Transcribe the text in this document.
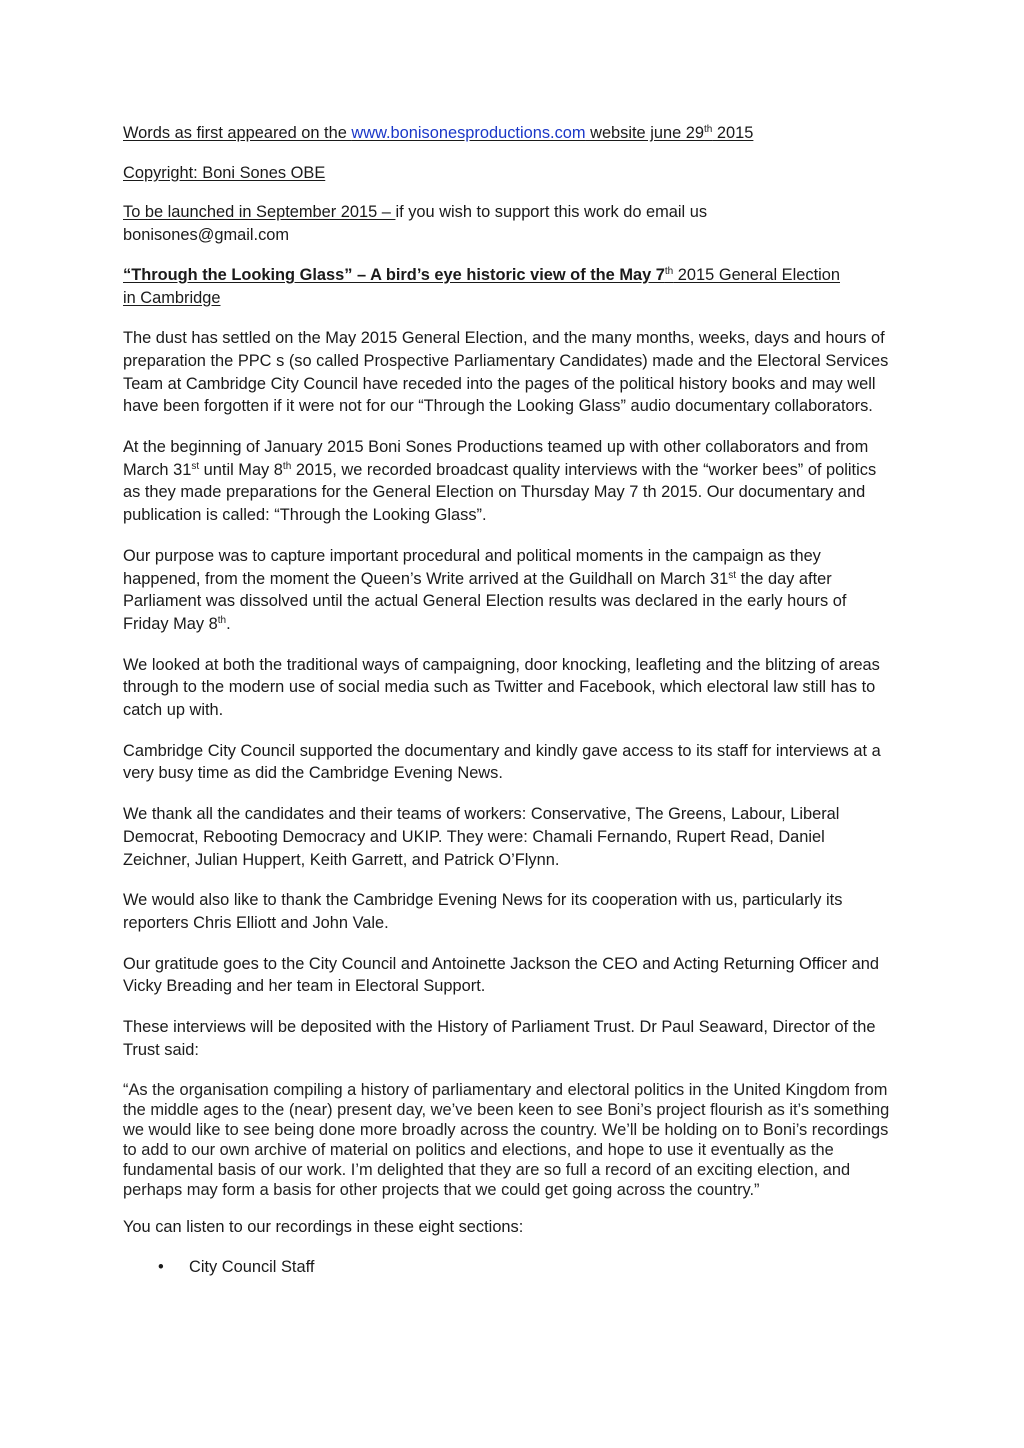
Words as first appeared on the www.bonisonesproductions.com website june 29th 2015

Copyright: Boni Sones OBE

To be launched in September 2015 – if you wish to support this work do email us
bonisones@gmail.com

“Through the Looking Glass” – A bird’s eye historic view of the May 7th 2015 General Election
in Cambridge

The dust has settled on the May 2015 General Election, and the many months, weeks, days and hours of preparation the PPC s (so called Prospective Parliamentary Candidates) made and the Electoral Services Team at Cambridge City Council have receded into the pages of the political history books and may well have been forgotten if it were not for our “Through the Looking Glass” audio documentary collaborators.

At the beginning of January 2015 Boni Sones Productions teamed up with other collaborators and from March 31st until May 8th 2015, we recorded broadcast quality interviews with the “worker bees” of politics as they made preparations for the General Election on Thursday May 7 th 2015. Our documentary and publication is called: “Through the Looking Glass”.

Our purpose was to capture important procedural and political moments in the campaign as they happened, from the moment the Queen’s Write arrived at the Guildhall on March 31st the day after Parliament was dissolved until the actual General Election results was declared in the early hours of Friday May 8th.

We looked at both the traditional ways of campaigning, door knocking, leafleting and the blitzing of areas through to the modern use of social media such as Twitter and Facebook, which electoral law still has to catch up with.

Cambridge City Council supported the documentary and kindly gave access to its staff for interviews at a very busy time as did the Cambridge Evening News.

We thank all the candidates and their teams of workers: Conservative, The Greens, Labour, Liberal Democrat, Rebooting Democracy and UKIP. They were: Chamali Fernando, Rupert Read, Daniel Zeichner, Julian Huppert, Keith Garrett, and Patrick O’Flynn.

We would also like to thank the Cambridge Evening News for its cooperation with us, particularly its reporters Chris Elliott and John Vale.

Our gratitude goes to the City Council and Antoinette Jackson the CEO and Acting Returning Officer and Vicky Breading and her team in Electoral Support.

These interviews will be deposited with the History of Parliament Trust. Dr Paul Seaward, Director of the Trust said:

“As the organisation compiling a history of parliamentary and electoral politics in the United Kingdom from the middle ages to the (near) present day, we’ve been keen to see Boni’s project flourish as it’s something we would like to see being done more broadly across the country. We’ll be holding on to Boni’s recordings to add to our own archive of material on politics and elections, and hope to use it eventually as the fundamental basis of our work. I’m delighted that they are so full a record of an exciting election, and perhaps may form a basis for other projects that we could get going across the country.”

You can listen to our recordings in these eight sections:

• City Council Staff
